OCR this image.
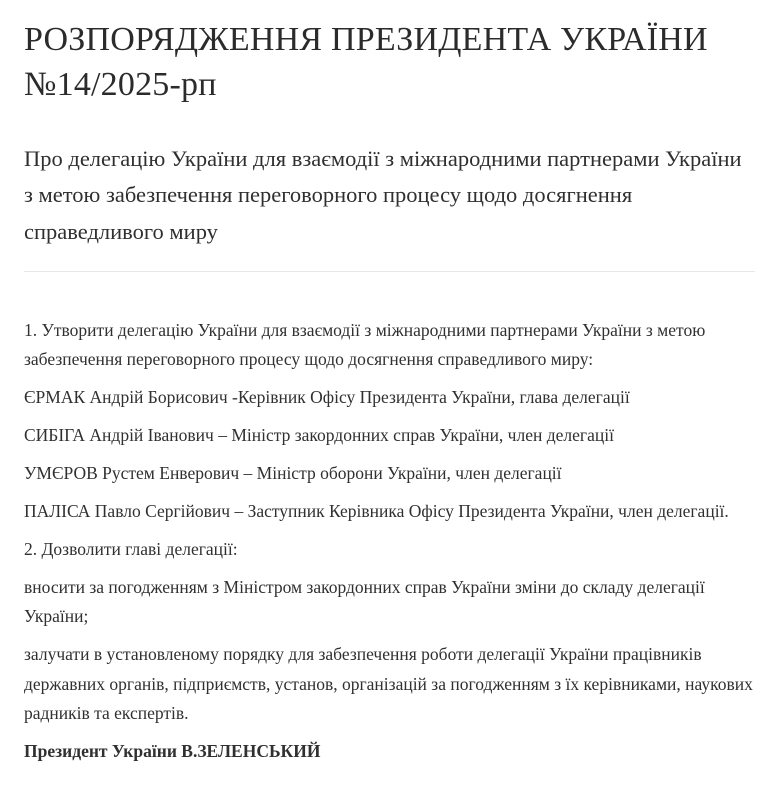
РОЗПОРЯДЖЕННЯ ПРЕЗИДЕНТА УКРАЇНИ №14/2025-рп

Про делегацію України для взаємодії з міжнародними партнерами України з метою забезпечення переговорного процесу щодо досягнення справедливого миру

1. Утворити делегацію України для взаємодії з міжнародними партнерами України з метою забезпечення переговорного процесу щодо досягнення справедливого миру:

ЄРМАК Андрій Борисович -Керівник Офісу Президента України, глава делегації

СИБІГА Андрій Іванович – Міністр закордонних справ України, член делегації

УМЄРОВ Рустем Енверович – Міністр оборони України, член делегації

ПАЛІСА Павло Сергійович – Заступник Керівника Офісу Президента України, член делегації.

2. Дозволити главі делегації:

вносити за погодженням з Міністром закордонних справ України зміни до складу делегації України;

залучати в установленому порядку для забезпечення роботи делегації України працівників державних органів, підприємств, установ, організацій за погодженням з їх керівниками, наукових радників та експертів.

Президент України В.ЗЕЛЕНСЬКИЙ
